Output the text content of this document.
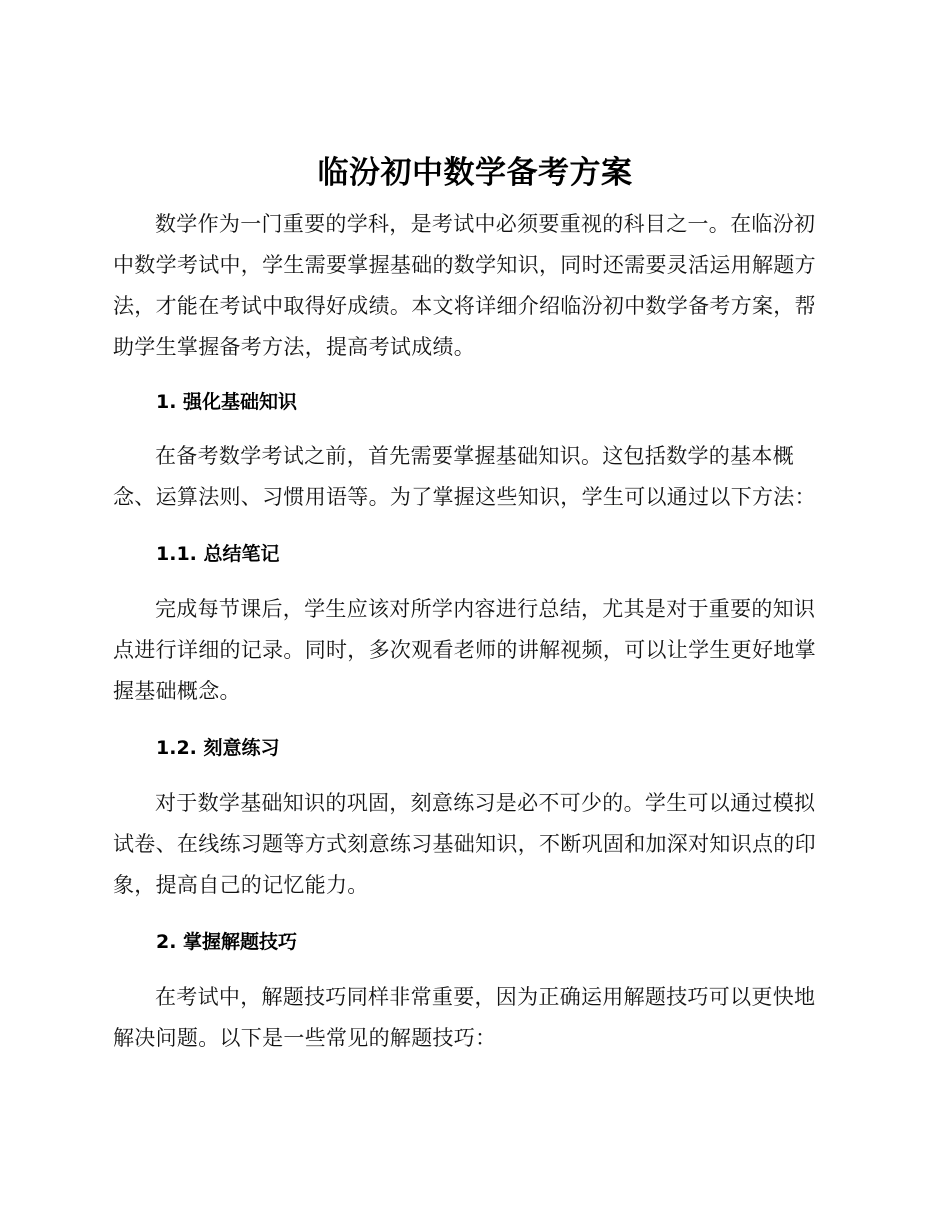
临汾初中数学备考方案

数学作为一门重要的学科，是考试中必须要重视的科目之一。在临汾初中数学考试中，学生需要掌握基础的数学知识，同时还需要灵活运用解题方法，才能在考试中取得好成绩。本文将详细介绍临汾初中数学备考方案，帮助学生掌握备考方法，提高考试成绩。

1. 强化基础知识

在备考数学考试之前，首先需要掌握基础知识。这包括数学的基本概念、运算法则、习惯用语等。为了掌握这些知识，学生可以通过以下方法：

1.1. 总结笔记

完成每节课后，学生应该对所学内容进行总结，尤其是对于重要的知识点进行详细的记录。同时，多次观看老师的讲解视频，可以让学生更好地掌握基础概念。

1.2. 刻意练习

对于数学基础知识的巩固，刻意练习是必不可少的。学生可以通过模拟试卷、在线练习题等方式刻意练习基础知识，不断巩固和加深对知识点的印象，提高自己的记忆能力。

2. 掌握解题技巧

在考试中，解题技巧同样非常重要，因为正确运用解题技巧可以更快地解决问题。以下是一些常见的解题技巧：
